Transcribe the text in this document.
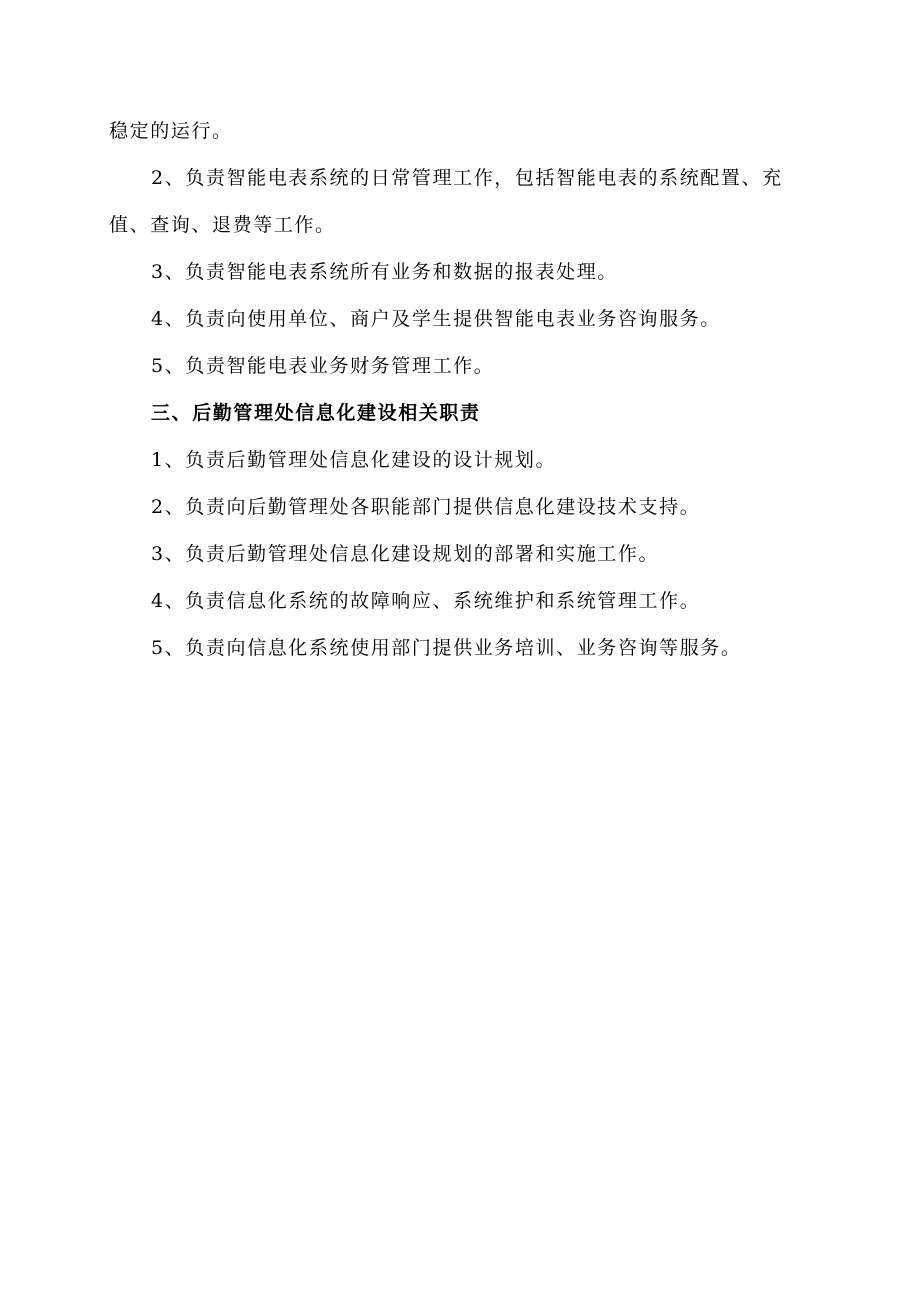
稳定的运行。

2、负责智能电表系统的日常管理工作，包括智能电表的系统配置、充值、查询、退费等工作。

3、负责智能电表系统所有业务和数据的报表处理。

4、负责向使用单位、商户及学生提供智能电表业务咨询服务。

5、负责智能电表业务财务管理工作。

三、后勤管理处信息化建设相关职责

1、负责后勤管理处信息化建设的设计规划。

2、负责向后勤管理处各职能部门提供信息化建设技术支持。

3、负责后勤管理处信息化建设规划的部署和实施工作。

4、负责信息化系统的故障响应、系统维护和系统管理工作。

5、负责向信息化系统使用部门提供业务培训、业务咨询等服务。
